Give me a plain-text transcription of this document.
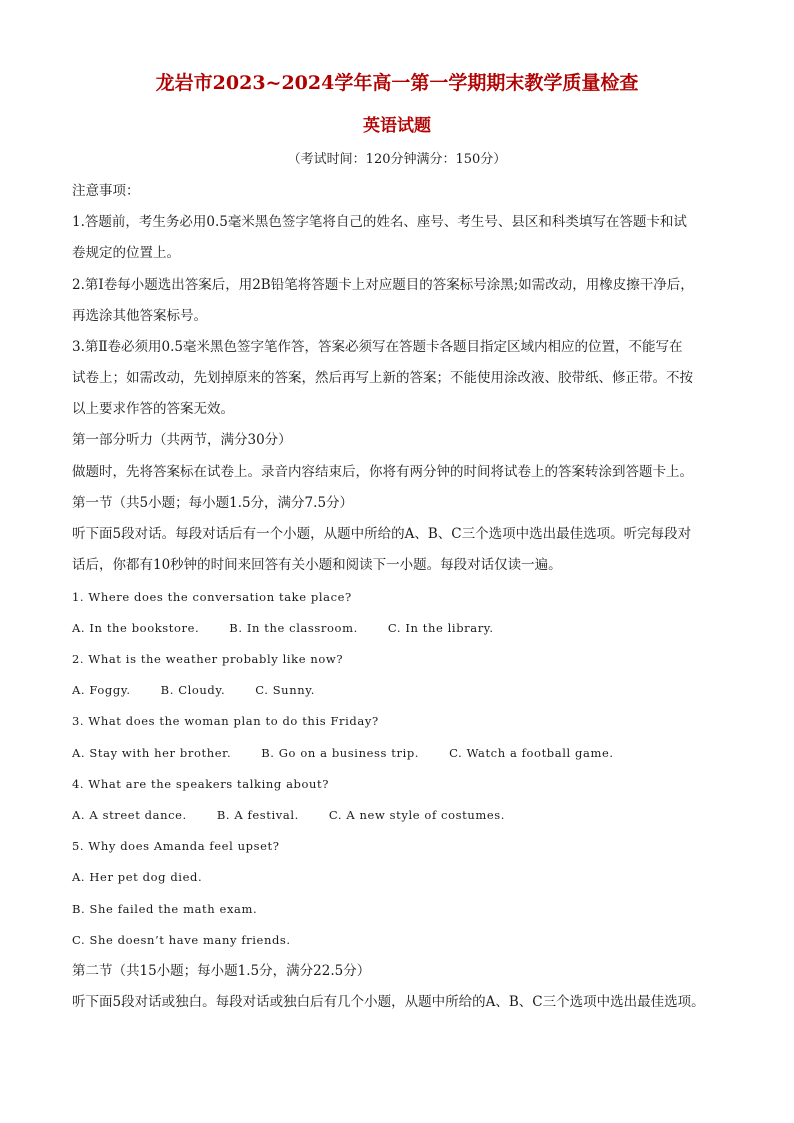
龙岩市2023~2024学年高一第一学期期末教学质量检查
英语试题
（考试时间：120分钟满分：150分）
注意事项：
1.答题前，考生务必用0.5毫米黑色签字笔将自己的姓名、座号、考生号、县区和科类填写在答题卡和试
卷规定的位置上。
2.第Ⅰ卷每小题选出答案后，用2B铅笔将答题卡上对应题目的答案标号涂黑;如需改动，用橡皮擦干净后，
再选涂其他答案标号。
3.第Ⅱ卷必须用0.5毫米黑色签字笔作答，答案必须写在答题卡各题目指定区域内相应的位置，不能写在
试卷上；如需改动，先划掉原来的答案，然后再写上新的答案；不能使用涂改液、胶带纸、修正带。不按
以上要求作答的答案无效。
第一部分听力（共两节，满分30分）
做题时，先将答案标在试卷上。录音内容结束后，你将有两分钟的时间将试卷上的答案转涂到答题卡上。
第一节（共5小题；每小题1.5分，满分7.5分）
听下面5段对话。每段对话后有一个小题，从题中所给的A、B、C三个选项中选出最佳选项。听完每段对
话后，你都有10秒钟的时间来回答有关小题和阅读下一小题。每段对话仅读一遍。
1. Where does the conversation take place?
A. In the bookstore.	B. In the classroom.	C. In the library.
2. What is the weather probably like now?
A. Foggy.	B. Cloudy.	C. Sunny.
3. What does the woman plan to do this Friday?
A. Stay with her brother.	B. Go on a business trip.	C. Watch a football game.
4. What are the speakers talking about?
A. A street dance.	B. A festival.	C. A new style of costumes.
5. Why does Amanda feel upset?
A. Her pet dog died.
B. She failed the math exam.
C. She doesn’t have many friends.
第二节（共15小题；每小题1.5分，满分22.5分）
听下面5段对话或独白。每段对话或独白后有几个小题，从题中所给的A、B、C三个选项中选出最佳选项。
